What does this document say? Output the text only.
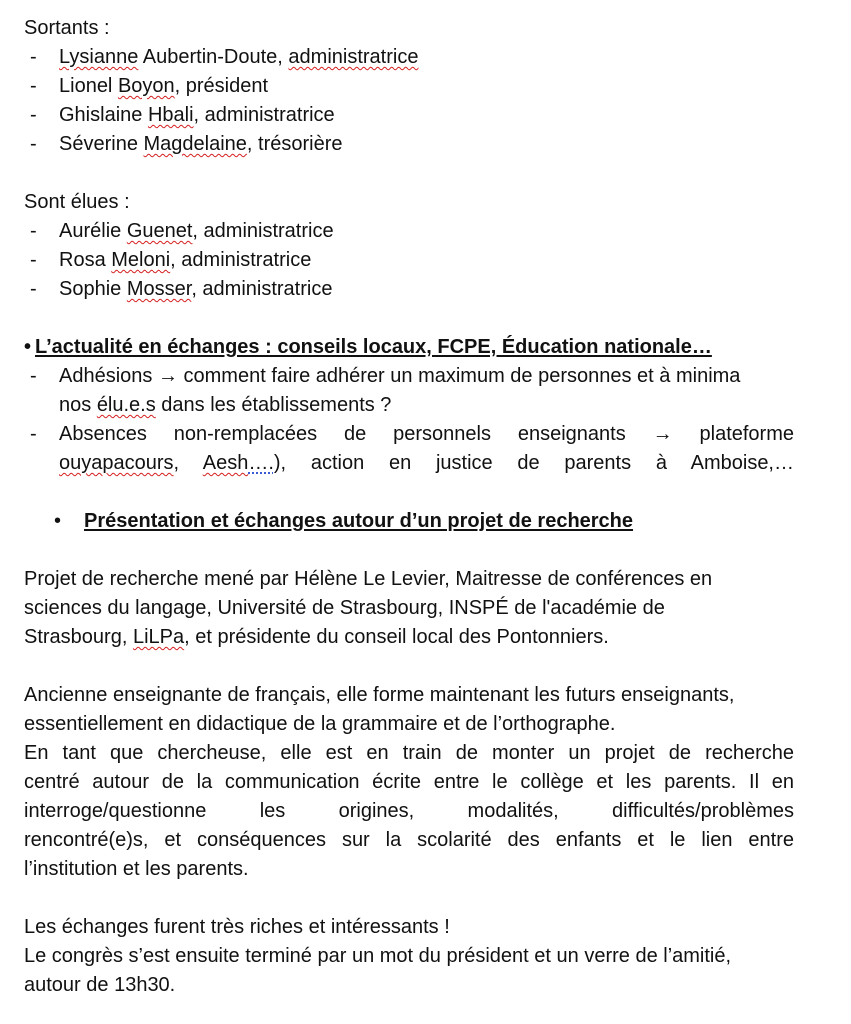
Sortants :
- Lysianne Aubertin-Doute, administratrice
- Lionel Boyon, président
- Ghislaine Hbali, administratrice
- Séverine Magdelaine, trésorière
Sont élues :
- Aurélie Guenet, administratrice
- Rosa Meloni, administratrice
- Sophie Mosser, administratrice
• L’actualité en échanges : conseils locaux, FCPE, Éducation nationale…
- Adhésions → comment faire adhérer un maximum de personnes et à minima
nos élu.e.s dans les établissements ?
- Absences non-remplacées de personnels enseignants → plateforme
ouyapacours, Aesh….), action en justice de parents à Amboise,…
• Présentation et échanges autour d’un projet de recherche
Projet de recherche mené par Hélène Le Levier, Maitresse de conférences en
sciences du langage, Université de Strasbourg, INSPÉ de l'académie de
Strasbourg, LiLPa, et présidente du conseil local des Pontonniers.
Ancienne enseignante de français, elle forme maintenant les futurs enseignants,
essentiellement en didactique de la grammaire et de l’orthographe.
En tant que chercheuse, elle est en train de monter un projet de recherche
centré autour de la communication écrite entre le collège et les parents. Il en
interroge/questionne les origines, modalités, difficultés/problèmes
rencontré(e)s, et conséquences sur la scolarité des enfants et le lien entre
l’institution et les parents.
Les échanges furent très riches et intéressants !
Le congrès s’est ensuite terminé par un mot du président et un verre de l’amitié,
autour de 13h30.
